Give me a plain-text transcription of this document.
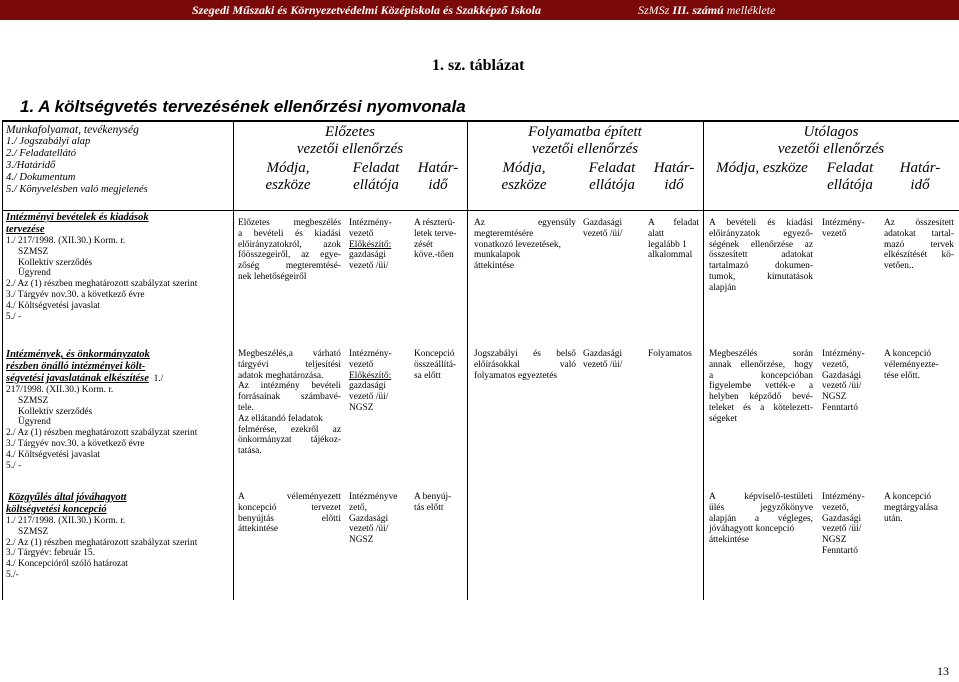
Szegedi Műszaki és Környezetvédelmi Középiskola és Szakképző Iskola	SzMSz III. számú melléklete
1. sz. táblázat
1. A költségvetés tervezésének ellenőrzési nyomvonala
Munkafolyamat, tevékenység
1./ Jogszabályi alap
2./ Feladatellátó
3./Határidő
4./ Dokumentum
5./ Könyvelésben való megjelenés
Előzetes
vezetői ellenőrzés
Folyamatba épített
vezetői ellenőrzés
Utólagos
vezetői ellenőrzés
Módja,
eszköze
Feladat
ellátója
Határ-
idő
Módja,
eszköze
Feladat
ellátója
Határ-
idő
Módja, eszköze	Feladat
ellátója
Határ-
idő
Intézményi bevételek és kiadások
tervezése
1./ 217/1998. (XII.30.) Korm. r.
SZMSZ
Kollektív szerződés
Ügyrend
2./ Az (1) részben meghatározott szabályzat szerint
3./ Tárgyév nov.30. a következő évre
4./ Költségvetési javaslat
5./ -
Előzetes megbeszélés
a bevételi és kiadási
előirányzatokról, azok
főösszegeiről, az egye-
zőség megteremtésé-
nek lehetőségeiről
Intézmény-
vezető
Előkészítő:
gazdasági
vezető /üi/
A részterü-
letek terve-
zését
köve.-tően
Az egyensúly
megteremtésére
vonatkozó levezetések,
munkalapok
áttekintése
Gazdasági
vezető /üi/
A feladat
alatt
legalább 1
alkalommal
A bevételi és kiadási
előirányzatok egyező-
ségének ellenőrzése az
összesített adatokat
tartalmazó dokumen-
tumok, kimutatások
alapján
Intézmény-
vezető
Az összesített
adatokat tartal-
mazó tervek
elkészítését kö-
vetően..
Intézmények, és önkormányzatok
részben önálló intézményei költ-
ségvetési javaslatának elkészítése 1./
217/1998. (XII.30.) Korm. r.
SZMSZ
Kollektív szerződés
Ügyrend
2./ Az (1) részben meghatározott szabályzat szerint
3./ Tárgyév nov.30. a következő évre
4./ Költségvetési javaslat
5./ -
Megbeszélés,a várható
tárgyévi teljesítési
adatok meghatározása.
Az intézmény bevételi
forrásainak számbavé-
tele.
Az ellátandó feladatok
felmérése, ezekről az
önkormányzat tájékoz-
tatása.
Intézmény-
vezető
Előkészítő:
gazdasági
vezető /üi/
NGSZ
Koncepció
összeállítá-
sa előtt
Jogszabályi és belső
előírásokkal való
folyamatos egyeztetés
Gazdasági
vezető /üi/
Folyamatos Megbeszélés során
annak ellenőrzése, hogy
a koncepcióban
figyelembe vették-e a
helyben képződő bevé-
teleket és a kötelezett-
ségeket
Intézmény-
vezető,
Gazdasági
vezető /üi/
NGSZ
Fenntartó
A koncepció
véleményezte-
tése előtt.
Közgyűlés által jóváhagyott
költségvetési koncepció
1./ 217/1998. (XII.30.) Korm. r.
SZMSZ
2./ Az (1) részben meghatározott szabályzat szerint
3./ Tárgyév: február 15.
4./ Koncepcióról szóló határozat
5./-
A véleményezett
koncepció tervezet
benyújtás előtti
áttekintése
Intézményve
zető,
Gazdasági
vezető /üi/
NGSZ
A benyúj-
tás előtt
A képviselő-testületi
ülés jegyzőkönyve
alapján a végleges,
jóváhagyott koncepció
áttekintése
Intézmény-
vezető,
Gazdasági
vezető /üi/
NGSZ
Fenntartó
A koncepció
megtárgyalása
után.
13
